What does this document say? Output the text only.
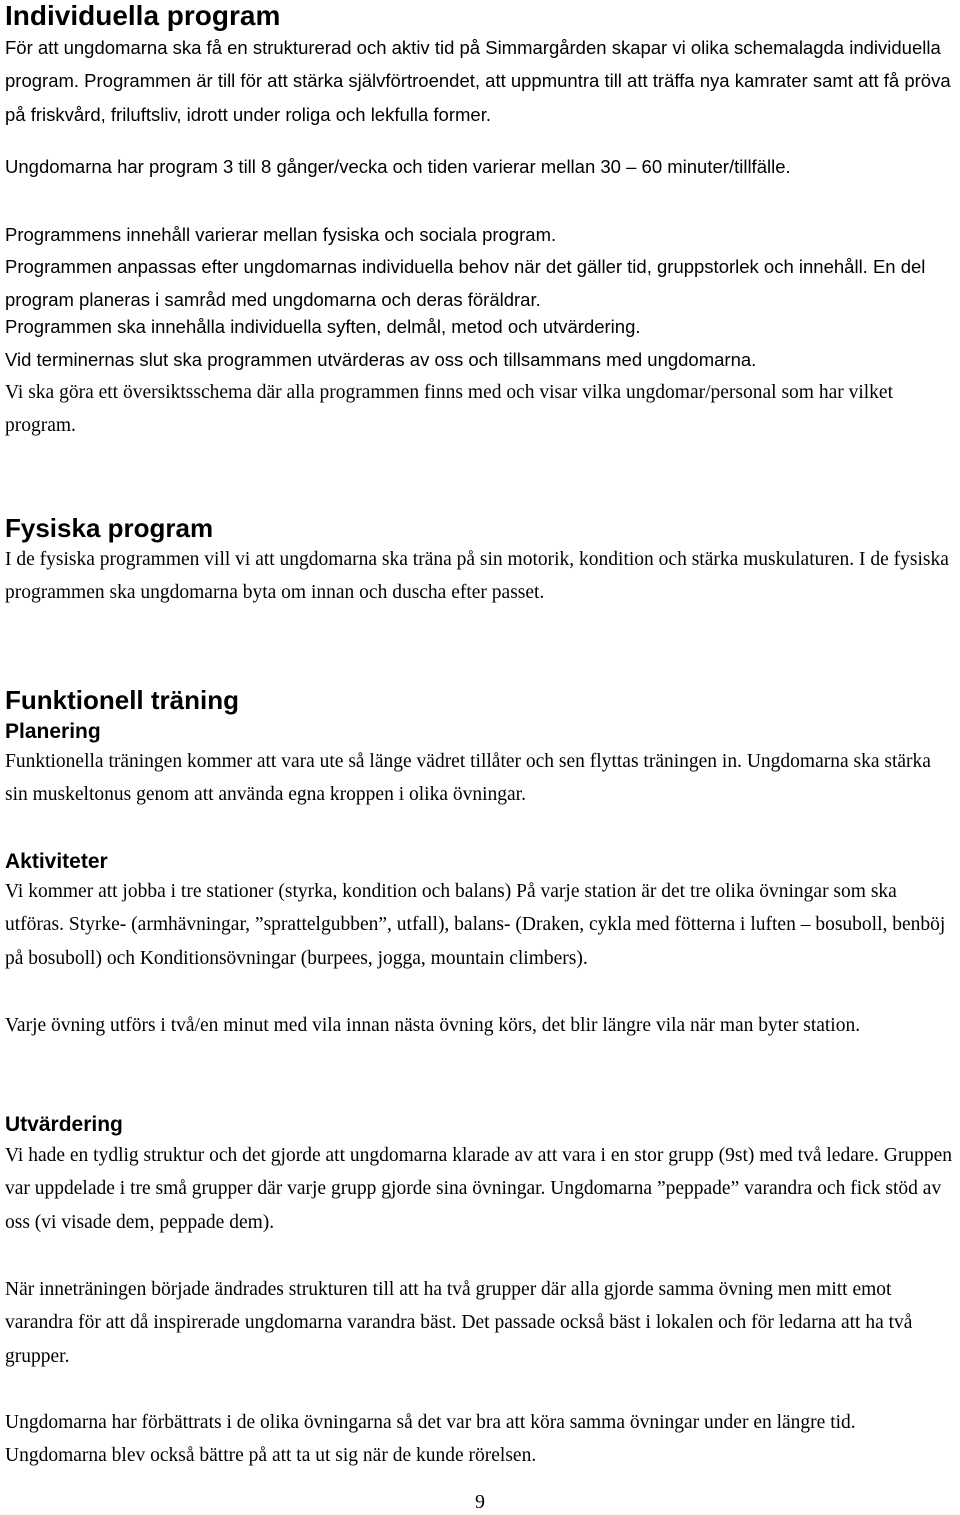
Individuella program

För att ungdomarna ska få en strukturerad och aktiv tid på Simmargården skapar vi olika schemalagda individuella program. Programmen är till för att stärka självförtroendet, att uppmuntra till att träffa nya kamrater samt att få pröva på friskvård, friluftsliv, idrott under roliga och lekfulla former.

Ungdomarna har program 3 till 8 gånger/vecka och tiden varierar mellan 30 – 60 minuter/tillfälle.

Programmens innehåll varierar mellan fysiska och sociala program.

Programmen anpassas efter ungdomarnas individuella behov när det gäller tid, gruppstorlek och innehåll. En del program planeras i samråd med ungdomarna och deras föräldrar.

Programmen ska innehålla individuella syften, delmål, metod och utvärdering.

Vid terminernas slut ska programmen utvärderas av oss och tillsammans med ungdomarna.

Vi ska göra ett översiktsschema där alla programmen finns med och visar vilka ungdomar/personal som har vilket program.

Fysiska program

I de fysiska programmen vill vi att ungdomarna ska träna på sin motorik, kondition och stärka muskulaturen. I de fysiska programmen ska ungdomarna byta om innan och duscha efter passet.

Funktionell träning
Planering

Funktionella träningen kommer att vara ute så länge vädret tillåter och sen flyttas träningen in. Ungdomarna ska stärka sin muskeltonus genom att använda egna kroppen i olika övningar.

Aktiviteter

Vi kommer att jobba i tre stationer (styrka, kondition och balans) På varje station är det tre olika övningar som ska utföras. Styrke- (armhävningar, ”sprattelgubben”, utfall), balans- (Draken, cykla med fötterna i luften – bosuboll, benböj på bosuboll) och Konditionsövningar (burpees, jogga, mountain climbers).

Varje övning utförs i två/en minut med vila innan nästa övning körs, det blir längre vila när man byter station.

Utvärdering

Vi hade en tydlig struktur och det gjorde att ungdomarna klarade av att vara i en stor grupp (9st) med två ledare. Gruppen var uppdelade i tre små grupper där varje grupp gjorde sina övningar. Ungdomarna ”peppade” varandra och fick stöd av oss (vi visade dem, peppade dem).

När inneträningen började ändrades strukturen till att ha två grupper där alla gjorde samma övning men mitt emot varandra för att då inspirerade ungdomarna varandra bäst. Det passade också bäst i lokalen och för ledarna att ha två grupper.

Ungdomarna har förbättrats i de olika övningarna så det var bra att köra samma övningar under en längre tid. Ungdomarna blev också bättre på att ta ut sig när de kunde rörelsen.

9
